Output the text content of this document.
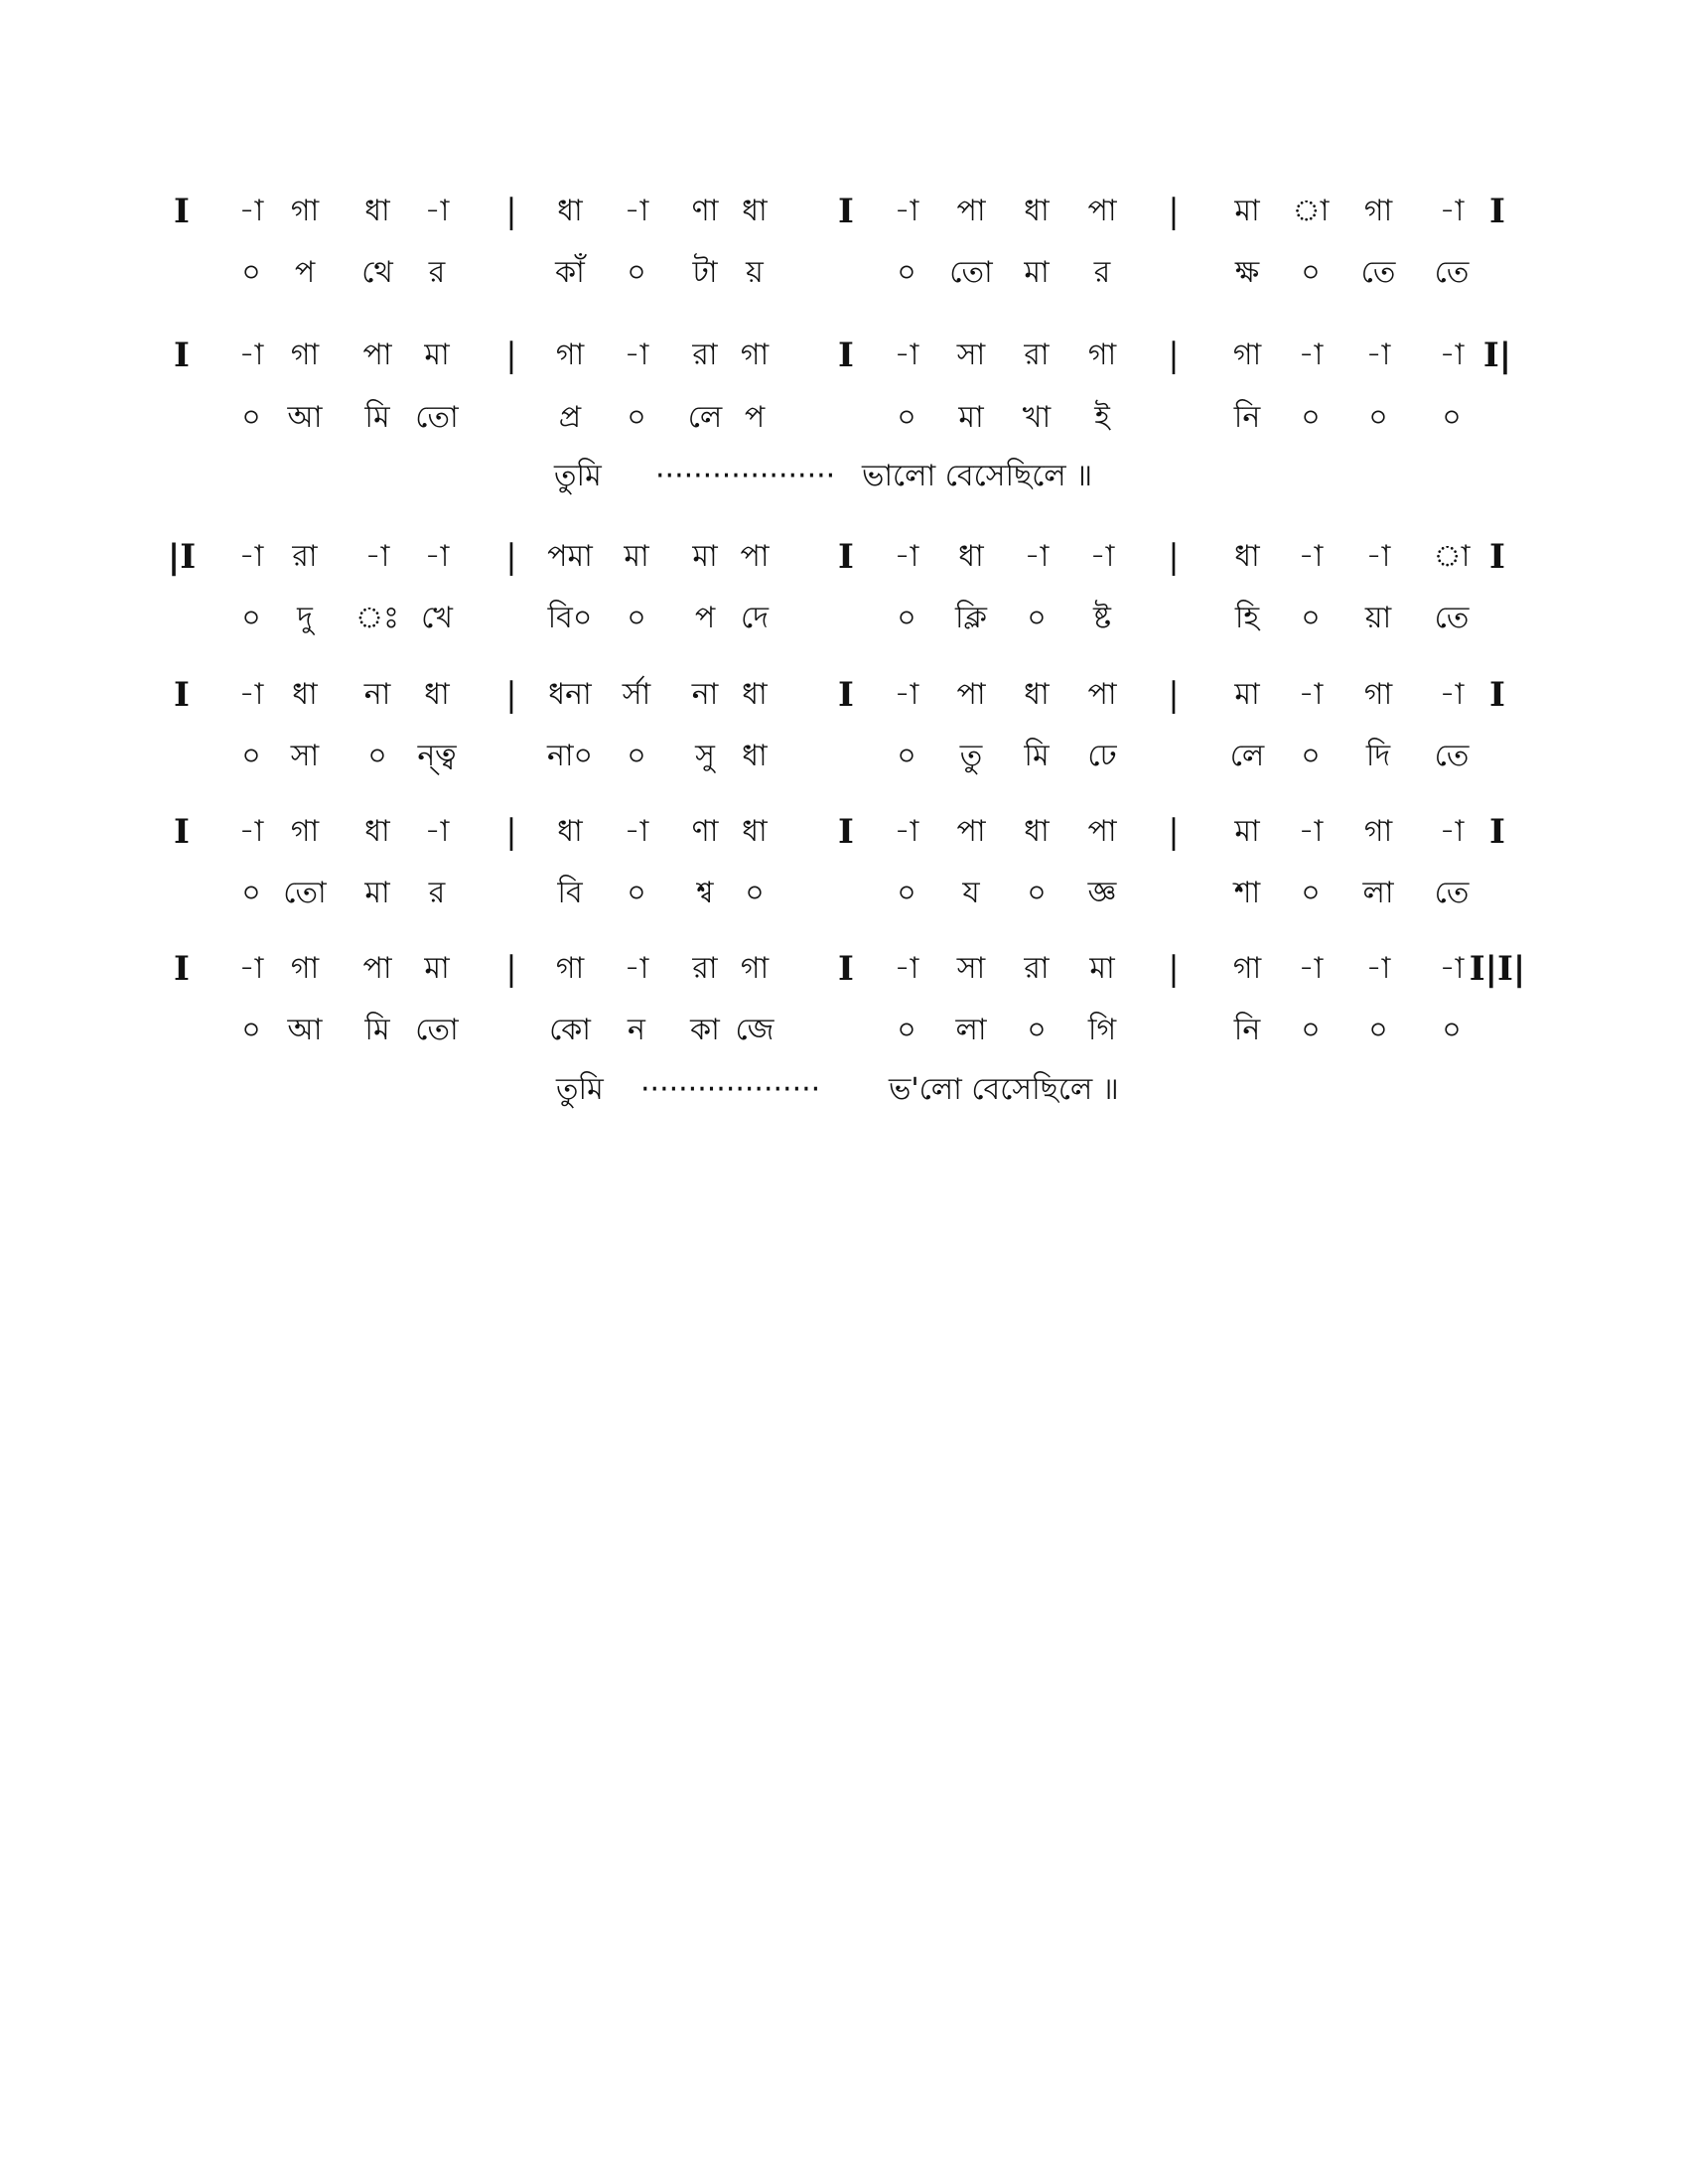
I -া গা ধা -া | ধা -া ণা ধা I -া পা ধা পা | মা া গা -া I
০ প থে র	কাঁ ০ টা য়	০ তো মা র	ক্ষ ০ তে তে
I -া গা পা মা | গা -া রা গা I -া সা রা গা | গা -া -া -া I|
০ আ মি তো	প্র ০ লে প	০ মা খা ই	নি ০ ০ ০
তুমি ··················· ভালো বেসেছিলে ॥
|I -া রা -া -া | পমা মা মা পা I -া ধা -া -া | ধা -া -া া I
০ দু ঃ খে	বি০ ০ প দে	০ ক্লি ০ ষ্ট	হি ০ য়া তে
I -া ধা না ধা | ধনা র্সা না ধা I -া পা ধা পা | মা -া গা -া I
০ সা ০ ন্ত্ব	না০ ০ সু ধা	০ তু মি ঢে	লে ০ দি তে
I -া গা ধা -া | ধা -া ণা ধা I -া পা ধা পা | মা -া গা -া I
০ তো মা র	বি ০ শ্ব ০	০ য ০ জ্ঞ	শা ০ লা তে
I -া গা পা মা | গা -া রা গা I -া সা রা মা | গা -া -া -া I|I|
০ আ মি তো	কো ন কা জে	০ লা ০ গি	নি ০ ০ ০
তুমি ··················· ভ'লো বেসেছিলে ॥
